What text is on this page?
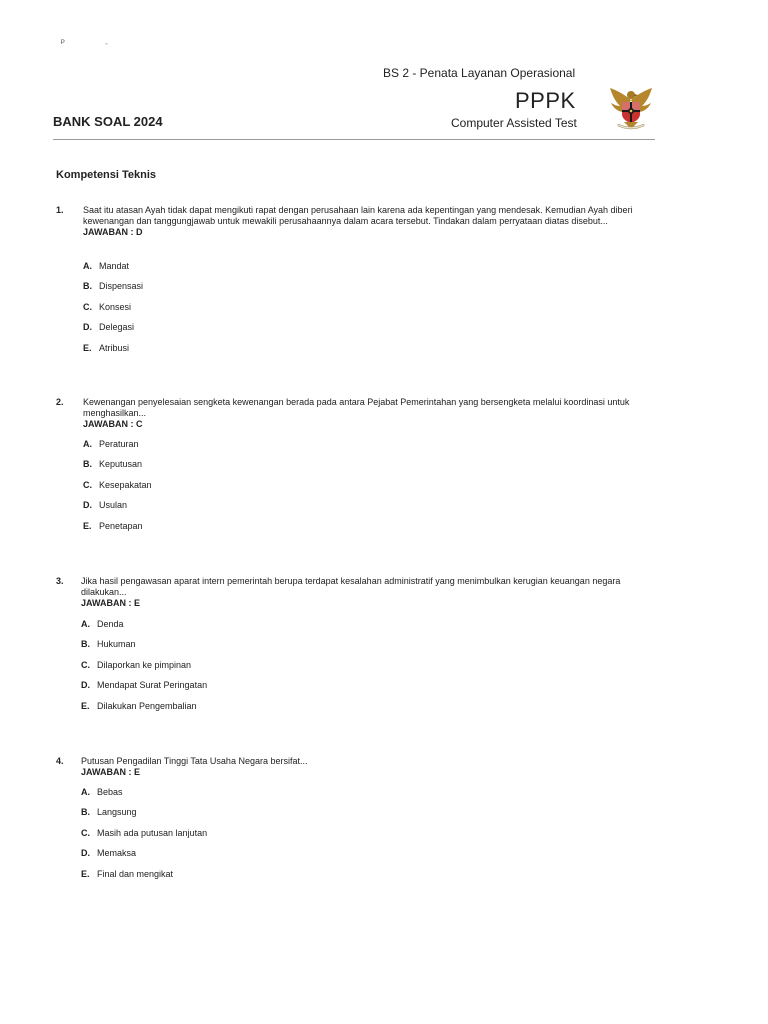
ᴾ	ˆ
BS 2 - Penata Layanan Operasional
PPPK
BANK SOAL 2024	Computer Assisted Test
Kompetensi Teknis
1. Saat itu atasan Ayah tidak dapat mengikuti rapat dengan perusahaan lain karena ada kepentingan yang mendesak. Kemudian Ayah diberi kewenangan dan tanggungjawab untuk mewakili perusahaannya dalam acara tersebut. Tindakan dalam perryataan diatas disebut...
JAWABAN : D
A. Mandat
B. Dispensasi
C. Konsesi
D. Delegasi
E. Atribusi
2. Kewenangan penyelesaian sengketa kewenangan berada pada antara Pejabat Pemerintahan yang bersengketa melalui koordinasi untuk menghasilkan...
JAWABAN : C
A. Peraturan
B. Keputusan
C. Kesepakatan
D. Usulan
E. Penetapan
3. Jika hasil pengawasan aparat intern pemerintah berupa terdapat kesalahan administratif yang menimbulkan kerugian keuangan negara dilakukan...
JAWABAN : E
A. Denda
B. Hukuman
C. Dilaporkan ke pimpinan
D. Mendapat Surat Peringatan
E. Dilakukan Pengembalian
4. Putusan Pengadilan Tinggi Tata Usaha Negara bersifat...
JAWABAN : E
A. Bebas
B. Langsung
C. Masih ada putusan lanjutan
D. Memaksa
E. Final dan mengikat
